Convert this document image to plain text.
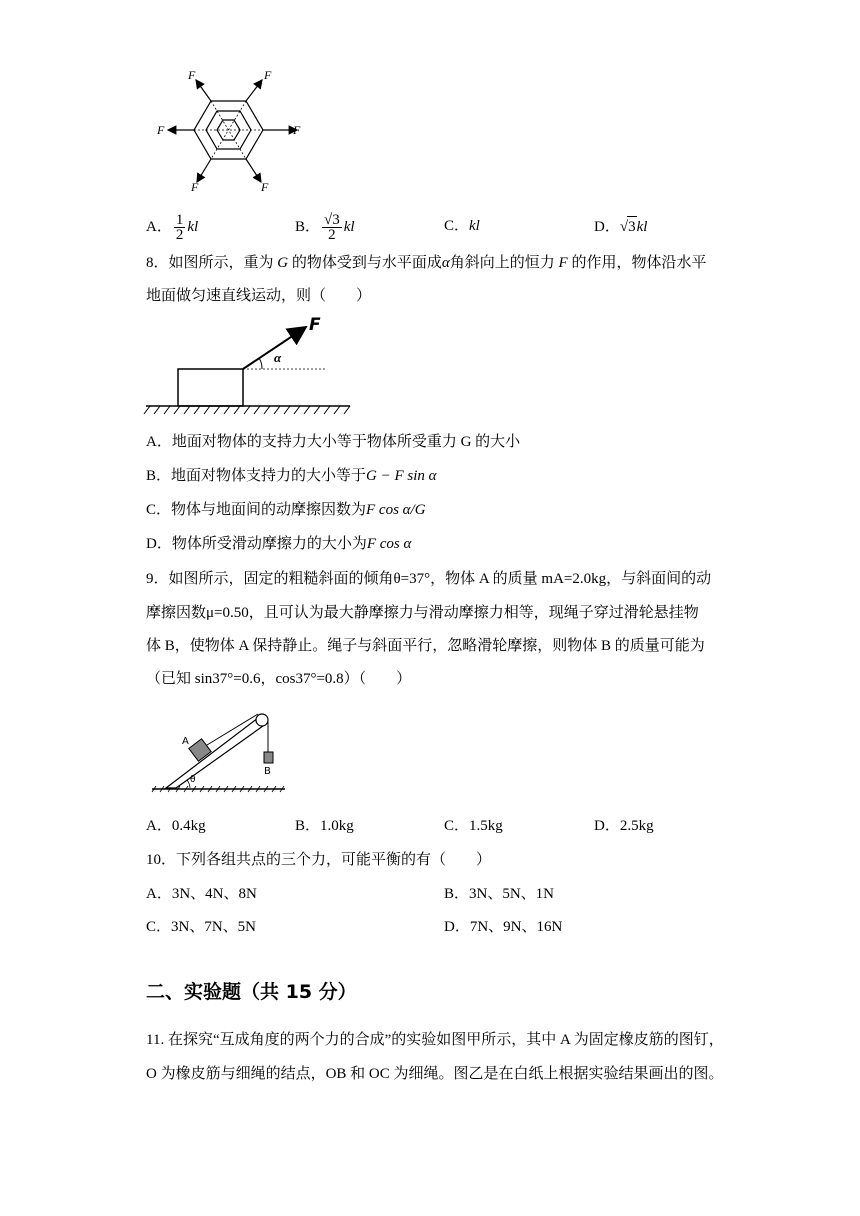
F	F
F	F
F	F
A． $\frac{1}{2}$ kl	B． $\frac{√3}{2}$ kl	C．kl	D．√3kl
8．如图所示，重为 G 的物体受到与水平面成α角斜向上的恒力 F 的作用，物体沿水平
地面做匀速直线运动，则（　　）
F
α
A．地面对物体的支持力大小等于物体所受重力 G 的大小
B．地面对物体支持力的大小等于G − F sin α
C．物体与地面间的动摩擦因数为F cos α/G
D．物体所受滑动摩擦力的大小为F cos α
9．如图所示，固定的粗糙斜面的倾角θ=37°，物体 A 的质量 mA=2.0kg，与斜面间的动
摩擦因数μ=0.50，且可认为最大静摩擦力与滑动摩擦力相等，现绳子穿过滑轮悬挂物
体 B，使物体 A 保持静止。绳子与斜面平行，忽略滑轮摩擦，则物体 B 的质量可能为
（已知 sin37°=0.6，cos37°=0.8）（　　）
A
B
θ
A．0.4kg	B．1.0kg	C．1.5kg	D．2.5kg
10．下列各组共点的三个力，可能平衡的有（　　）
A．3N、4N、8N	B．3N、5N、1N
C．3N、7N、5N	D．7N、9N、16N
二、实验题（共 15 分）
11. 在探究“互成角度的两个力的合成”的实验如图甲所示，其中 A 为固定橡皮筋的图钉，
O 为橡皮筋与细绳的结点，OB 和 OC 为细绳。图乙是在白纸上根据实验结果画出的图。
